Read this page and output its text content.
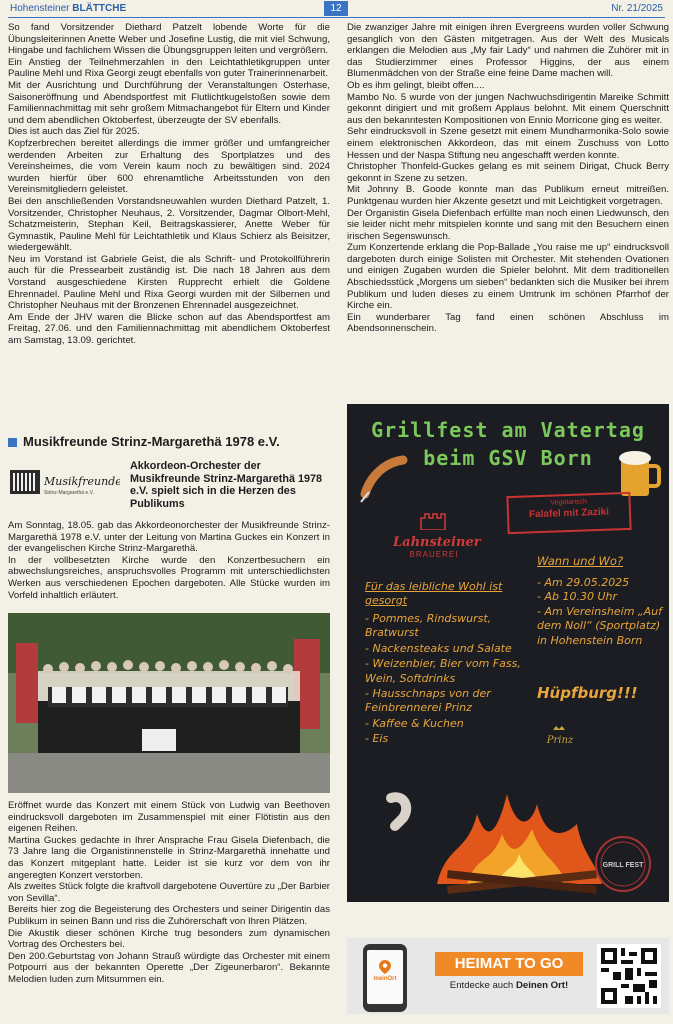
Hohensteiner BLÄTTCHE	12	Nr. 21/2025

So fand Vorsitzender Diethard Patzelt lobende Worte für die Übungsleiterinnen Anette Weber und Josefine Lustig, die mit viel Schwung, Hingabe und fachlichem Wissen die Übungsgruppen leiten und vergrößern.

Ein Anstieg der Teilnehmerzahlen in den Leichtathletikgruppen unter Pauline Mehl und Rixa Georgi zeugt ebenfalls von guter Trainerinnenarbeit.

Mit der Ausrichtung und Durchführung der Veranstaltungen Osterhase, Saisoneröffnung und Abendsportfest mit Flutlichtkugelstoßen sowie dem Familiennachmittag mit sehr großem Mitmachangebot für Eltern und Kinder und dem abendlichen Oktoberfest, überzeugte der SV ebenfalls.

Dies ist auch das Ziel für 2025.

Kopfzerbrechen bereitet allerdings die immer größer und umfangreicher werdenden Arbeiten zur Erhaltung des Sportplatzes und des Vereinsheimes, die vom Verein kaum noch zu bewältigen sind. 2024 wurden hierfür über 600 ehrenamtliche Arbeitsstunden von den Vereinsmitgliedern geleistet.

Bei den anschließenden Vorstandsneuwahlen wurden Diethard Patzelt, 1. Vorsitzender, Christopher Neuhaus, 2. Vorsitzender, Dagmar Olbort-Mehl, Schatzmeisterin, Stephan Keil, Beitragskassierer, Anette Weber für Gymnastik, Pauline Mehl für Leichtathletik und Klaus Schierz als Beisitzer, wiedergewählt.

Neu im Vorstand ist Gabriele Geist, die als Schrift- und Protokollführerin auch für die Pressearbeit zuständig ist. Die nach 18 Jahren aus dem Vorstand ausgeschiedene Kirsten Rupprecht erhielt die Goldene Ehrennadel. Pauline Mehl und Rixa Georgi wurden mit der Silbernen und Christopher Neuhaus mit der Bronzenen Ehrennadel ausgezeichnet.

Am Ende der JHV waren die Blicke schon auf das Abendsportfest am Freitag, 27.06. und den Familiennachmittag mit abendlichem Oktoberfest am Samstag, 13.09. gerichtet.

Die zwanziger Jahre mit einigen ihren Evergreens wurden voller Schwung gesanglich von den Gästen mitgetragen. Aus der Welt des Musicals erklangen die Melodien aus „My fair Lady“ und nahmen die Zuhörer mit in das Studierzimmer eines Professor Higgins, der aus einem Blumenmädchen von der Straße eine feine Dame machen will.

Ob es ihm gelingt, bleibt offen....

Mambo No. 5 wurde von der jungen Nachwuchsdirigentin Mareike Schmitt gekonnt dirigiert und mit großem Applaus belohnt. Mit einem Querschnitt aus den bekanntesten Kompositionen von Ennio Morricone ging es weiter.

Sehr eindrucksvoll in Szene gesetzt mit einem Mundharmonika-Solo sowie einem elektronischen Akkordeon, das mit einem Zuschuss von Lotto Hessen und der Naspa Stiftung neu angeschafft werden konnte.

Christopher Thonfeld-Guckes gelang es mit seinem Dirigat, Chuck Berry gekonnt in Szene zu setzen.

Mit Johnny B. Goode konnte man das Publikum erneut mitreißen. Punktgenau wurden hier Akzente gesetzt und mit Leichtigkeit vorgetragen.

Der Organistin Gisela Diefenbach erfüllte man noch einen Liedwunsch, den sie leider nicht mehr mitspielen konnte und sang mit den Besuchern einen irischen Segenswunsch.

Zum Konzertende erklang die Pop-Ballade „You raise me up“ eindrucksvoll dargeboten durch einige Solisten mit Orchester. Mit stehenden Ovationen und einigen Zugaben wurden die Spieler belohnt. Mit dem traditionellen Abschiedsstück „Morgens um sieben“ bedankten sich die Musiker bei ihrem Publikum und luden dieses zu einem Umtrunk im schönen Pfarrhof der Kirche ein.

Ein wunderbarer Tag fand einen schönen Abschluss im Abendsonnenschein.

Musikfreunde Strinz-Margarethä 1978 e.V.
Musikfreunde
Strinz-Margarethä e.V.
Akkordeon-Orchester der Musikfreunde Strinz-Margarethä 1978 e.V. spielt sich in die Herzen des Publikums

Am Sonntag, 18.05. gab das Akkordeonorchester der Musikfreunde Strinz-Margarethä 1978 e.V. unter der Leitung von Martina Guckes ein Konzert in der evangelischen Kirche Strinz-Margarethä.

In der vollbesetzten Kirche wurde den Konzertbesuchern ein abwechslungsreiches, anspruchsvolles Programm mit unterschiedlichsten Werken aus verschiedenen Epochen dargeboten. Alle Stücke wurden im Vorfeld inhaltlich erläutert.

Eröffnet wurde das Konzert mit einem Stück von Ludwig van Beethoven eindrucksvoll dargeboten im Zusammenspiel mit einer Flötistin aus den eigenen Reihen.

Martina Guckes gedachte in Ihrer Ansprache Frau Gisela Diefenbach, die 73 Jahre lang die Organistinnenstelle in Strinz-Margarethä innehatte und das Konzert mitgeplant hatte. Leider ist sie kurz vor dem von ihr angeregten Konzert verstorben.

Als zweites Stück folgte die kraftvoll dargebotene Ouvertüre zu „Der Barbier von Sevilla“.

Bereits hier zog die Begeisterung des Orchesters und seiner Dirigentin das Publikum in seinen Bann und riss die Zuhörerschaft von Ihren Plätzen.

Die Akustik dieser schönen Kirche trug besonders zum dynamischen Vortrag des Orchesters bei.

Den 200.Geburtstag von Johann Strauß würdigte das Orchester mit einem Potpourri aus der bekannten Operette „Der Zigeunerbaron“. Bekannte Melodien luden zum Mitsummen ein.

Grillfest am Vatertag
beim GSV Born
Lahnsteiner
BRAUEREI
Vegetarisch
Falafel mit Zaziki
Für das leibliche Wohl ist gesorgt
- Pommes, Rindswurst, Bratwurst
- Nackensteaks und Salate
- Weizenbier, Bier vom Fass, Wein, Softdrinks
- Hausschnaps von der Feinbrennerei Prinz
- Kaffee & Kuchen
- Eis
Wann und Wo?
- Am 29.05.2025
- Ab 10.30 Uhr
- Am Vereinsheim „Auf dem Noll“ (Sportplatz) in Hohenstein Born
Hüpfburg!!!
Prinz
GRILL FEST
meinOrt
HEIMAT TO GO
Entdecke auch Deinen Ort!
